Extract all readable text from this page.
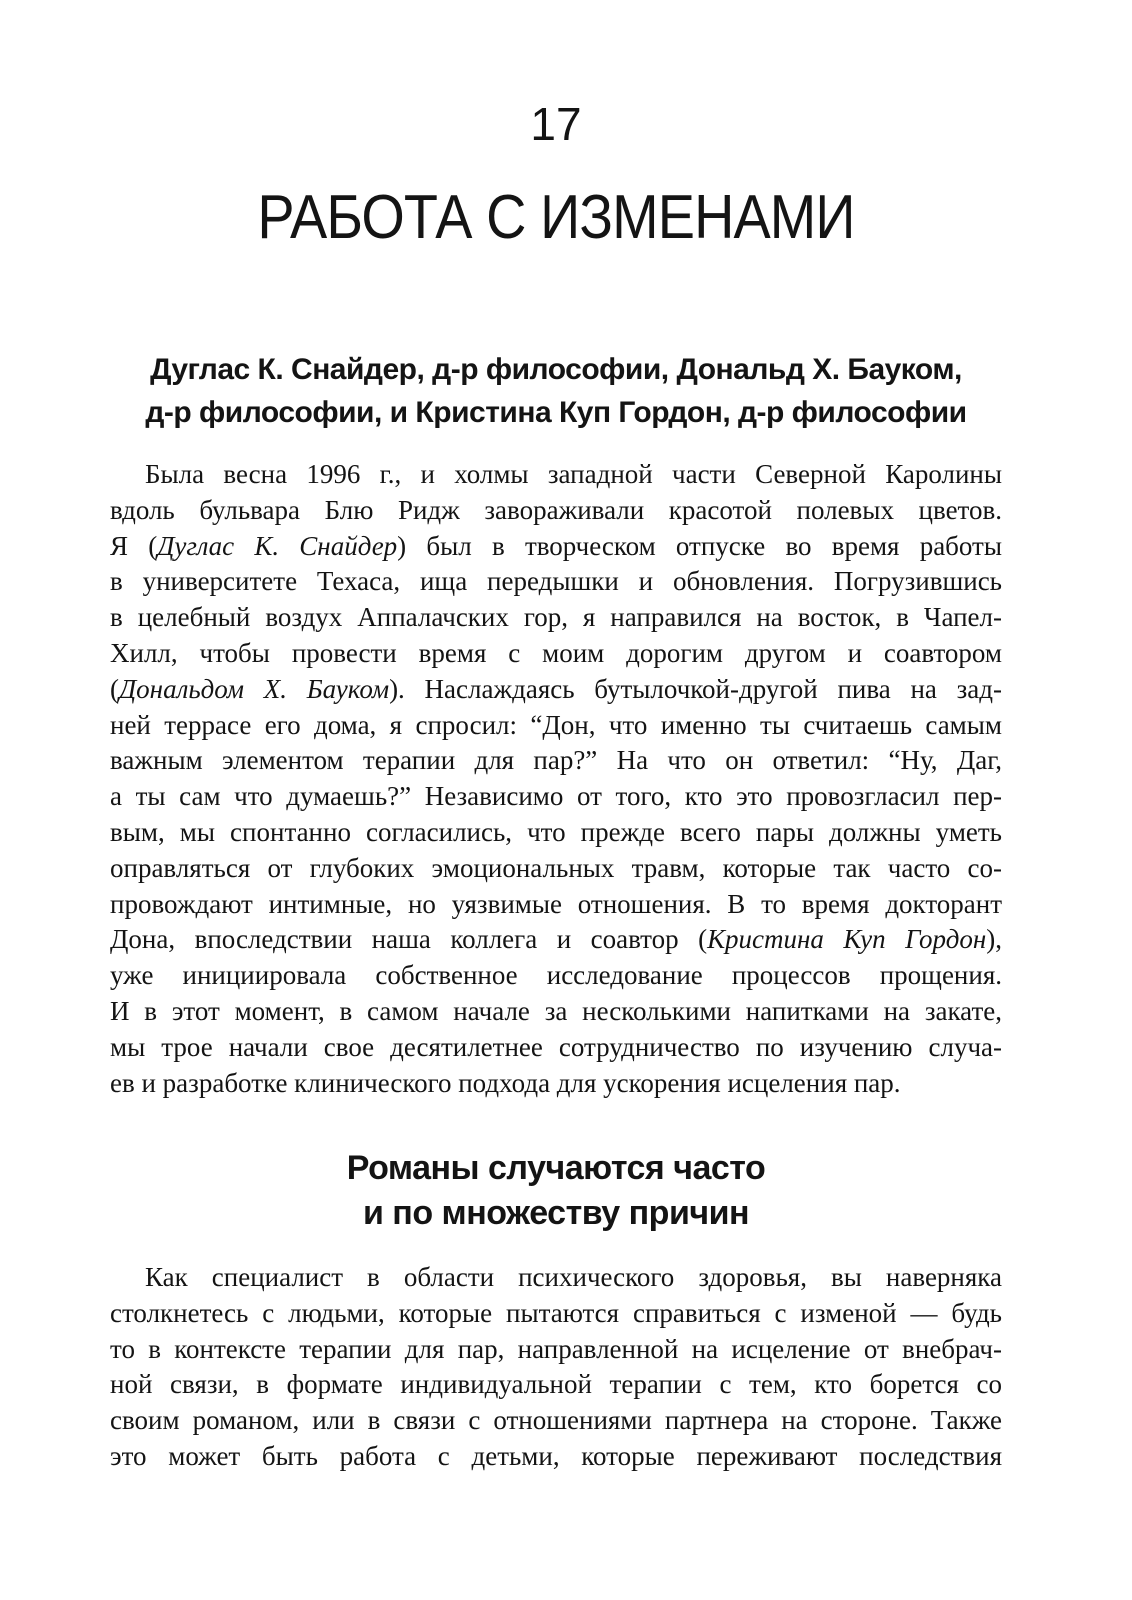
17
РАБОТА С ИЗМЕНАМИ
Дуглас К. Снайдер, д-р философии, Дональд Х. Бауком,
д-р философии, и Кристина Куп Гордон, д-р философии

Была весна 1996 г., и холмы западной части Северной Каролины
вдоль бульвара Блю Ридж завораживали красотой полевых цветов.
Я (Дуглас К. Снайдер) был в творческом отпуске во время работы
в университете Техаса, ища передышки и обновления. Погрузившись
в целебный воздух Аппалачских гор, я направился на восток, в Чапел-
Хилл, чтобы провести время с моим дорогим другом и соавтором
(Дональдом Х. Бауком). Наслаждаясь бутылочкой-другой пива на зад-
ней террасе его дома, я спросил: “Дон, что именно ты считаешь самым
важным элементом терапии для пар?” На что он ответил: “Ну, Даг,
а ты сам что думаешь?” Независимо от того, кто это провозгласил пер-
вым, мы спонтанно согласились, что прежде всего пары должны уметь
оправляться от глубоких эмоциональных травм, которые так часто со-
провождают интимные, но уязвимые отношения. В то время докторант
Дона, впоследствии наша коллега и соавтор (Кристина Куп Гордон),
уже инициировала собственное исследование процессов прощения.
И в этот момент, в самом начале за несколькими напитками на закате,
мы трое начали свое десятилетнее сотрудничество по изучению случа-
ев и разработке клинического подхода для ускорения исцеления пар.

Романы случаются часто
и по множеству причин

Как специалист в области психического здоровья, вы наверняка
столкнетесь с людьми, которые пытаются справиться с изменой — будь
то в контексте терапии для пар, направленной на исцеление от внебрач-
ной связи, в формате индивидуальной терапии с тем, кто борется со
своим романом, или в связи с отношениями партнера на стороне. Также
это может быть работа с детьми, которые переживают последствия
